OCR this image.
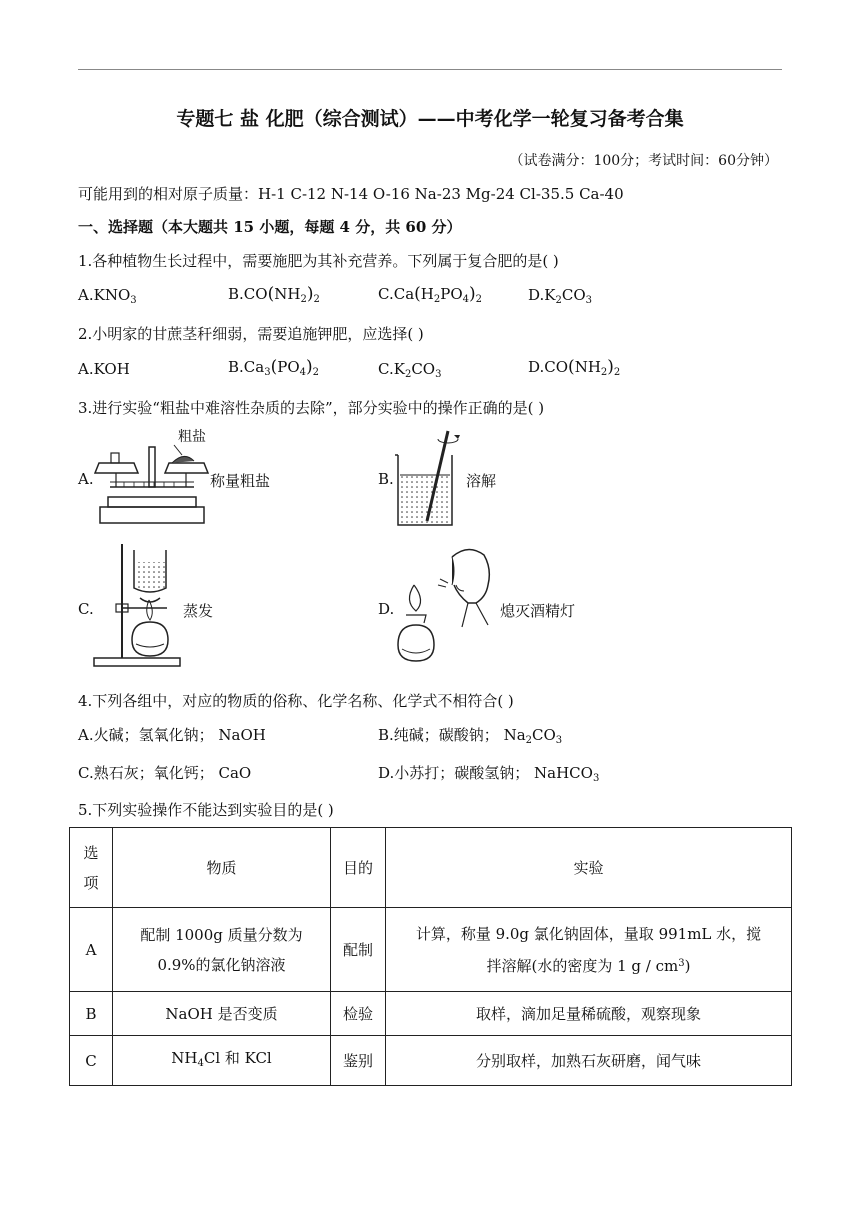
专题七 盐 化肥（综合测试）——中考化学一轮复习备考合集
（试卷满分：100分；考试时间：60分钟）
可能用到的相对原子质量：H-1 C-12 N-14 O-16 Na-23 Mg-24 Cl-35.5 Ca-40
一、选择题（本大题共 15 小题，每题 4 分，共 60 分）
1.各种植物生长过程中，需要施肥为其补充营养。下列属于复合肥的是( )
$A.KNO_3$	$B.CO(NH_2)_2$	$C.Ca(H_2PO_4)_2$	$D.K_2CO_3$
2.小明家的甘蔗茎秆细弱，需要追施钾肥，应选择( )
A.KOH	$B.Ca_3(PO_4)_2$	$C.K_2CO_3$	$D.CO(NH_2)_2$
3.进行实验“粗盐中难溶性杂质的去除”，部分实验中的操作正确的是( )
A.
粗盐
称量粗盐	B.	溶解
C.	蒸发	D.	熄灭酒精灯
4.下列各组中，对应的物质的俗称、化学名称、化学式不相符合( )
A.火碱；氢氧化钠； NaOH	B.纯碱；碳酸钠； $Na_2CO_3$
C.熟石灰；氧化钙； CaO	D.小苏打；碳酸氢钠； NaHCO$_3$
5.下列实验操作不能达到实验目的是( )
选
项	物质	目的	实验
A	配制 1000g 质量分数为
0.9%的氯化钠溶液	配制	计算，称量 9.0g 氯化钠固体，量取 991mL 水，搅
拌溶解(水的密度为 1 g / $cm^3$)
B	NaOH 是否变质	检验	取样，滴加足量稀硫酸，观察现象
C	$NH_4Cl$ 和 KCl	鉴别	分别取样，加熟石灰研磨，闻气味
